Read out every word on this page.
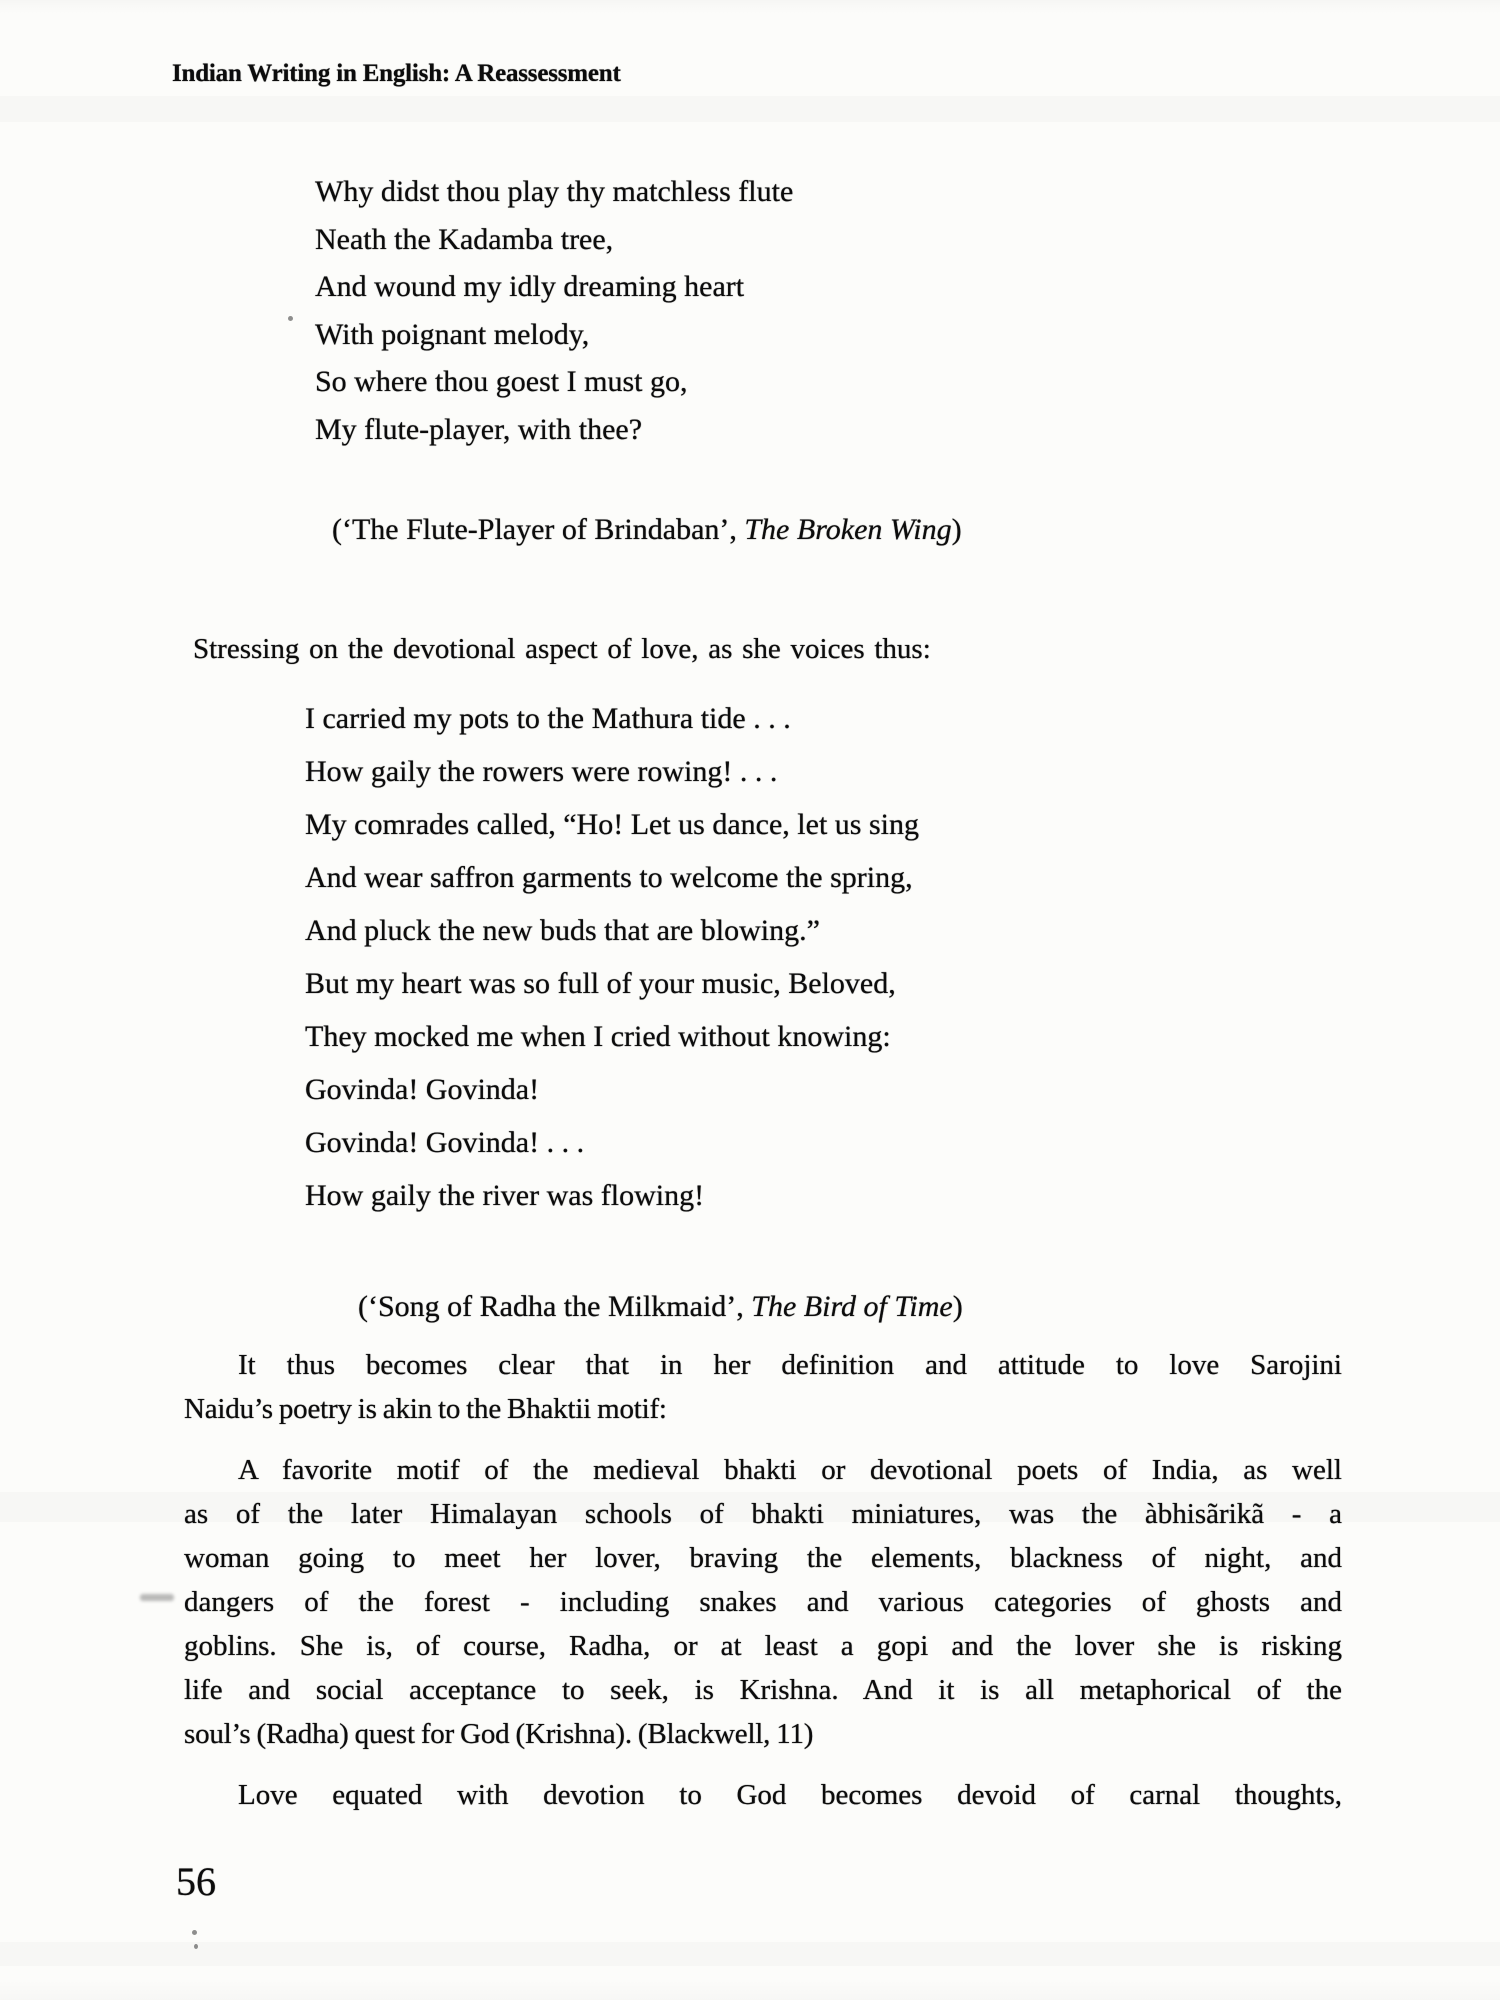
Indian Writing in English: A Reassessment
Why didst thou play thy matchless flute
Neath the Kadamba tree,
And wound my idly dreaming heart
With poignant melody,
So where thou goest I must go,
My flute-player, with thee?
(‘The Flute-Player of Brindaban’, The Broken Wing)
Stressing on the devotional aspect of love, as she voices thus:
I carried my pots to the Mathura tide . . .
How gaily the rowers were rowing! . . .
My comrades called, “Ho! Let us dance, let us sing
And wear saffron garments to welcome the spring,
And pluck the new buds that are blowing.”
But my heart was so full of your music, Beloved,
They mocked me when I cried without knowing:
Govinda! Govinda!
Govinda! Govinda! . . .
How gaily the river was flowing!
(‘Song of Radha the Milkmaid’, The Bird of Time)
It thus becomes clear that in her definition and attitude to love Sarojini
Naidu’s poetry is akin to the Bhaktii motif:
A favorite motif of the medieval bhakti or devotional poets of India, as well
as of the later Himalayan schools of bhakti miniatures, was the àbhisãrikã - a
woman going to meet her lover, braving the elements, blackness of night, and
dangers of the forest - including snakes and various categories of ghosts and
goblins. She is, of course, Radha, or at least a gopi and the lover she is risking
life and social acceptance to seek, is Krishna. And it is all metaphorical of the
soul’s (Radha) quest for God (Krishna). (Blackwell, 11)
Love equated with devotion to God becomes devoid of carnal thoughts,
56
